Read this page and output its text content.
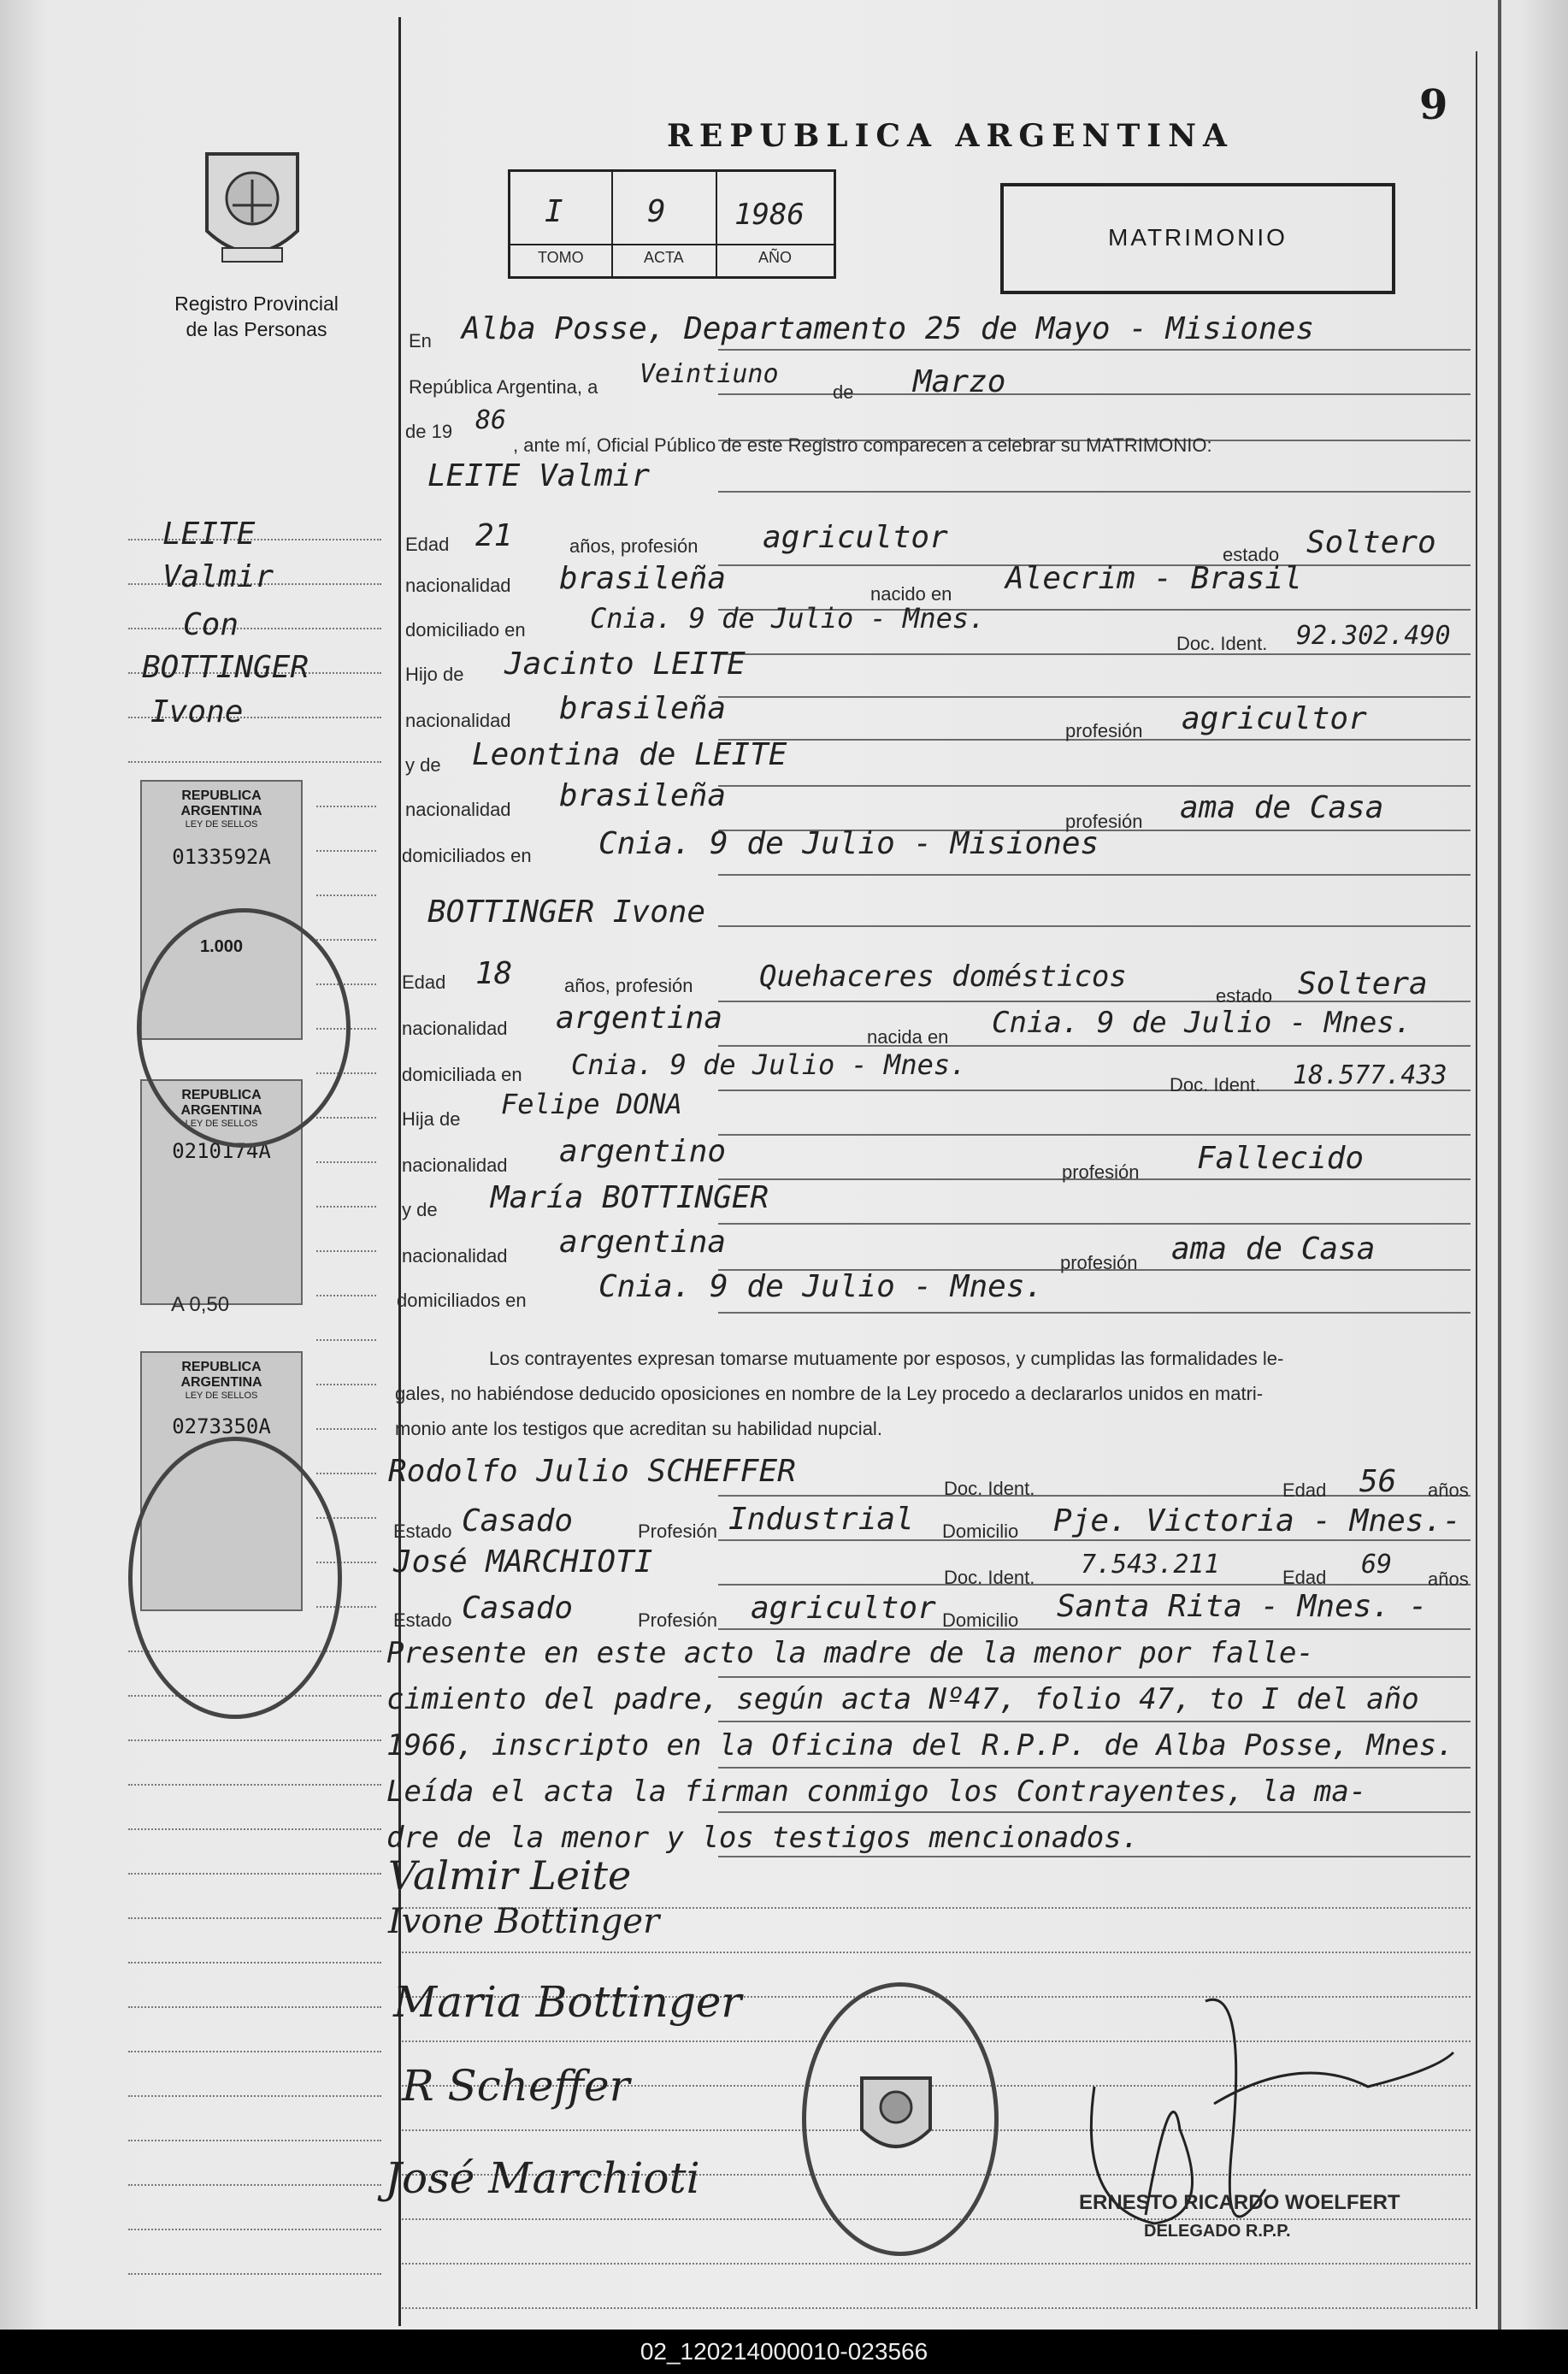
Registro Provincial
de las Personas
9
REPUBLICA ARGENTINA
I	9 1986
TOMO	ACTA	AÑO
MATRIMONIO
LEITE
Valmir
Con
BOTTINGER
Ivone
REPUBLICA ARGENTINA
LEY DE SELLOS
0133592A
1.000
REPUBLICA ARGENTINA
LEY DE SELLOS
0210174A
A 0,50
REPUBLICA ARGENTINA
LEY DE SELLOS
0273350A
En Alba Posse, Departamento 25 de Mayo - Misiones
República Argentina, a Veintiuno
de Marzo
de 19 86
, ante mí, Oficial Público de este Registro comparecen a celebrar su MATRIMONIO:
LEITE Valmir
Edad 21	años, profesión agricultor	estado Soltero
nacionalidad brasileña	nacido en Alecrim - Brasil
domiciliado en Cnia. 9 de Julio - Mnes.
Doc. Ident. 92.302.490
Hijo de Jacinto LEITE
nacionalidad brasileña
profesión agricultor
y de Leontina de LEITE
nacionalidad brasileña
profesión ama de Casa
domiciliados en Cnia. 9 de Julio - Misiones
BOTTINGER Ivone
Edad 18	años, profesión Quehaceres domésticos
estado Soltera
nacionalidad argentina
nacida en Cnia. 9 de Julio - Mnes.
domiciliada en Cnia. 9 de Julio - Mnes.
Doc. Ident. 18.577.433
Hija de Felipe DONA
nacionalidad argentino
profesión Fallecido
y de María BOTTINGER
nacionalidad argentina
profesión ama de Casa
domiciliados en Cnia. 9 de Julio - Mnes.
Los contrayentes expresan tomarse mutuamente por esposos, y cumplidas las formalidades le-
gales, no habiéndose deducido oposiciones en nombre de la Ley procedo a declararlos unidos en matri-
monio ante los testigos que acreditan su habilidad nupcial.
Rodolfo Julio SCHEFFER	Doc. Ident.	Edad 56 años
Estado Casado	Profesión Industrial Domicilio Pje. Victoria - Mnes.-
José MARCHIOTI	Doc. Ident. 7.543.211	Edad 69 años
Estado Casado	Profesión agricultor Domicilio Santa Rita - Mnes. -
Presente en este acto la madre de la menor por falle-
cimiento del padre, según acta Nº47, folio 47, to I del año
1966, inscripto en la Oficina del R.P.P. de Alba Posse, Mnes.
Leída el acta la firman conmigo los Contrayentes, la ma-
dre de la menor y los testigos mencionados.
Valmir Leite
Ivone Bottinger
Maria Bottinger
R Scheffer
José Marchioti	ERNESTO RICARDO WOELFERT
DELEGADO R.P.P.
02_120214000010-023566
